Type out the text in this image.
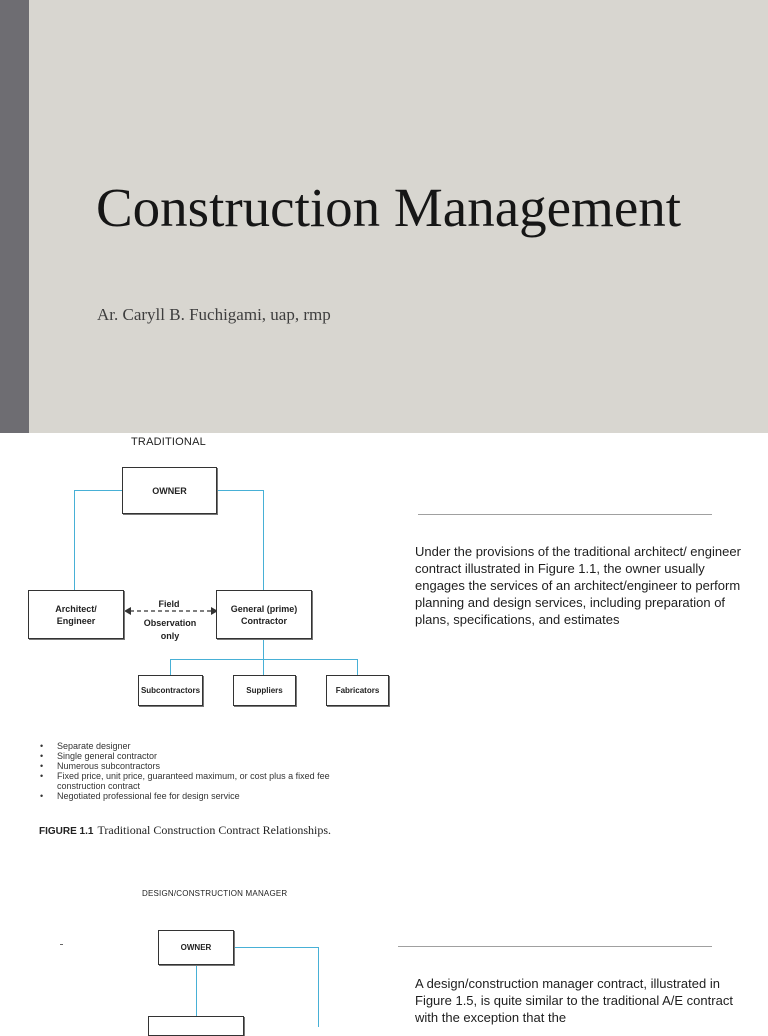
Construction Management
Ar. Caryll B. Fuchigami, uap, rmp
TRADITIONAL
OWNER
Architect/ Engineer
General (prime) Contractor
Subcontractors	Suppliers	Fabricators
Field
Observation only
• Separate designer
• Single general contractor
• Numerous subcontractors
• Fixed price, unit price, guaranteed maximum, or cost plus a fixed fee construction contract
• Negotiated professional fee for design service
FIGURE 1.1 Traditional Construction Contract Relationships.
Under the provisions of the traditional architect/ engineer contract illustrated in Figure 1.1, the owner usually engages the services of an architect/engineer to perform planning and design services, including preparation of plans, specifications, and estimates
DESIGN/CONSTRUCTION MANAGER
OWNER
A design/construction manager contract, illustrated in Figure 1.5, is quite similar to the traditional A/E contract with the exception that the
